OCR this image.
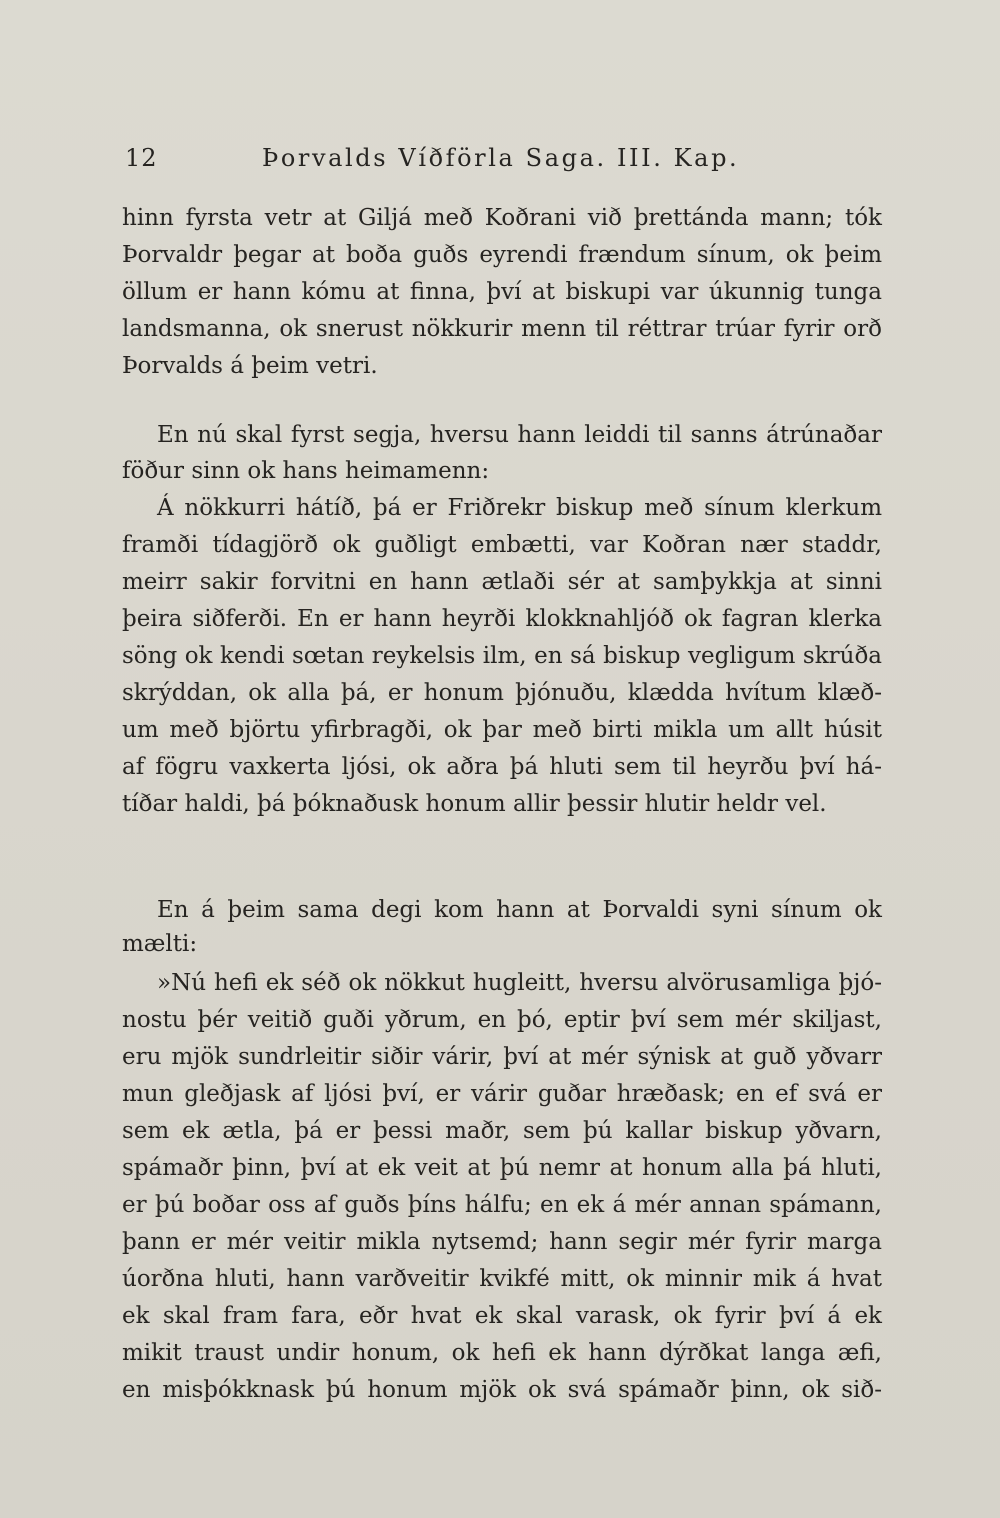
12	Þorvalds Víðförla Saga. III. Kap.
hinn fyrsta vetr at Giljá með Koðrani við þrettánda mann; tók
Þorvaldr þegar at boða guðs eyrendi frændum sínum, ok þeim
öllum er hann kómu at finna, því at biskupi var úkunnig tunga
landsmanna, ok snerust nökkurir menn til réttrar trúar fyrir orð
Þorvalds á þeim vetri.
En nú skal fyrst segja, hversu hann leiddi til sanns átrúnaðar
föður sinn ok hans heimamenn:
Á nökkurri hátíð, þá er Friðrekr biskup með sínum klerkum
framði tídagjörð ok guðligt embætti, var Koðran nær staddr,
meirr sakir forvitni en hann ætlaði sér at samþykkja at sinni
þeira siðferði. En er hann heyrði klokknahljóð ok fagran klerka
söng ok kendi sœtan reykelsis ilm, en sá biskup vegligum skrúða
skrýddan, ok alla þá, er honum þjónuðu, klædda hvítum klæð-
um með björtu yfirbragði, ok þar með birti mikla um allt húsit
af fögru vaxkerta ljósi, ok aðra þá hluti sem til heyrðu því há-
tíðar haldi, þá þóknaðusk honum allir þessir hlutir heldr vel.
En á þeim sama degi kom hann at Þorvaldi syni sínum ok
mælti:
»Nú hefi ek séð ok nökkut hugleitt, hversu alvörusamliga þjó-
nostu þér veitið guði yðrum, en þó, eptir því sem mér skiljast,
eru mjök sundrleitir siðir várir, því at mér sýnisk at guð yðvarr
mun gleðjask af ljósi því, er várir guðar hræðask; en ef svá er
sem ek ætla, þá er þessi maðr, sem þú kallar biskup yðvarn,
spámaðr þinn, því at ek veit at þú nemr at honum alla þá hluti,
er þú boðar oss af guðs þíns hálfu; en ek á mér annan spámann,
þann er mér veitir mikla nytsemd; hann segir mér fyrir marga
úorðna hluti, hann varðveitir kvikfé mitt, ok minnir mik á hvat
ek skal fram fara, eðr hvat ek skal varask, ok fyrir því á ek
mikit traust undir honum, ok hefi ek hann dýrðkat langa æfi,
en misþókknask þú honum mjök ok svá spámaðr þinn, ok sið-
